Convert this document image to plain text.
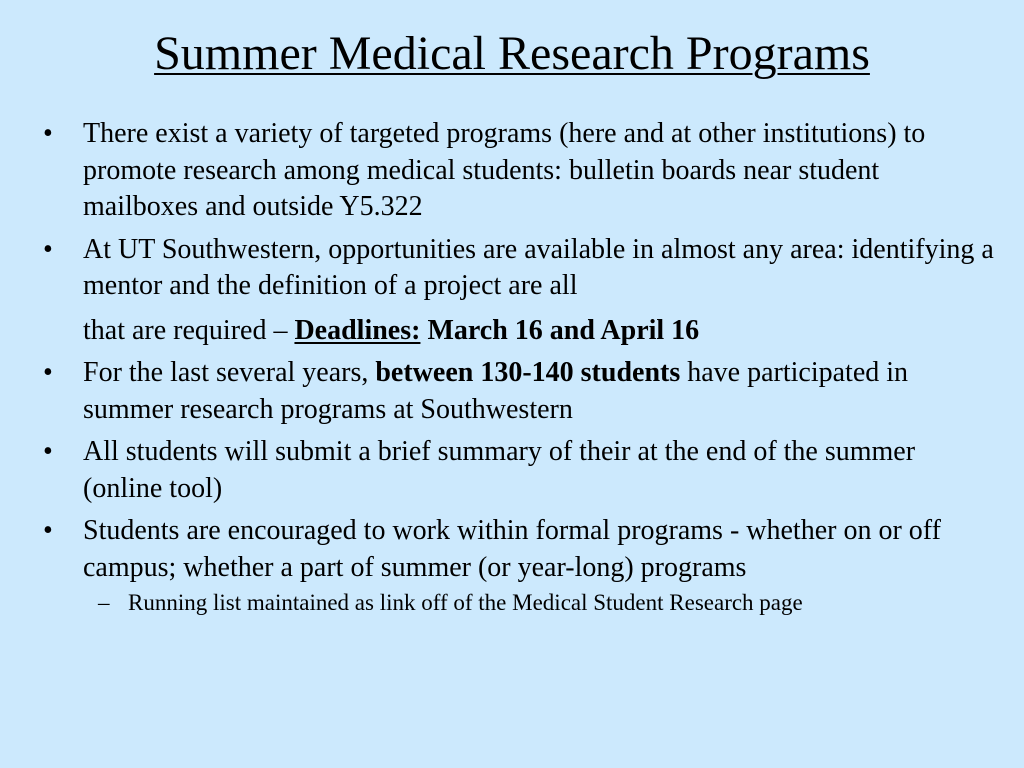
Summer Medical Research Programs
• There exist a variety of targeted programs (here and at other institutions) to promote research among medical students: bulletin boards near student mailboxes and outside Y5.322
• At UT Southwestern, opportunities are available in almost any area: identifying a mentor and the definition of a project are all
that are required – Deadlines: March 16 and April 16
• For the last several years, between 130-140 students have participated in summer research programs at Southwestern
• All students will submit a brief summary of their at the end of the summer (online tool)
• Students are encouraged to work within formal programs - whether on or off campus; whether a part of summer (or year-long) programs
– Running list maintained as link off of the Medical Student Research page
